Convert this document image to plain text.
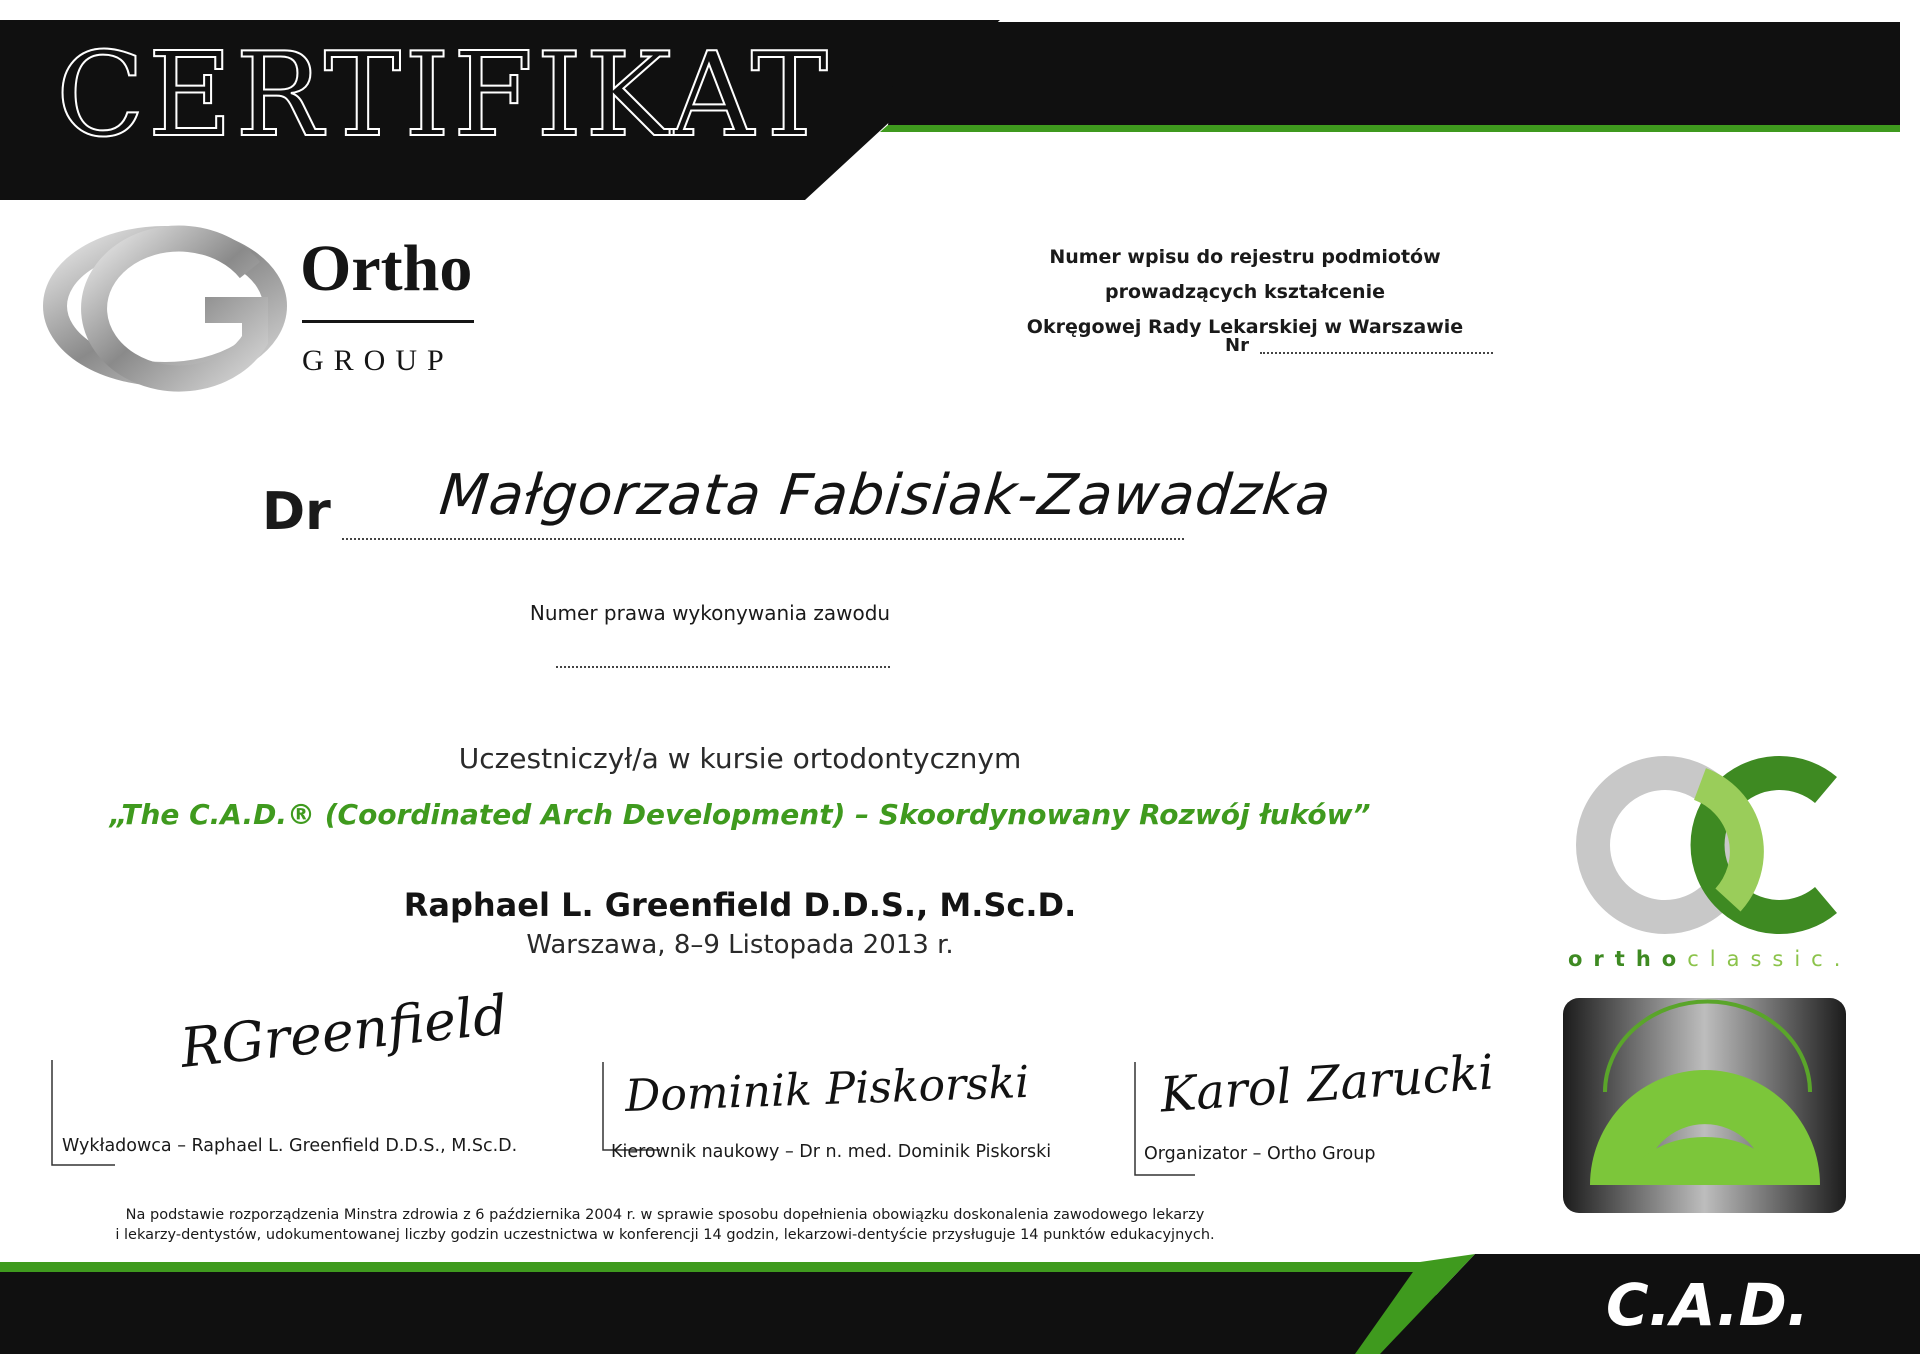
CERTIFIKAT
Ortho
GROUP
Numer wpisu do rejestru podmiotów prowadzących kształcenie
Okręgowej Rady Lekarskiej w Warszawie
Nr
Dr Małgorzata Fabisiak-Zawadzka
Numer prawa wykonywania zawodu
Uczestniczył/a w kursie ortodontycznym
„The C.A.D.® (Coordinated Arch Development) – Skoordynowany Rozwój łuków”
Raphael L. Greenfield D.D.S., M.Sc.D.
Warszawa, 8–9 Listopada 2013 r.
RGreenfield
Wykładowca – Raphael L. Greenfield D.D.S., M.Sc.D.
Dominik Piskorski
Kierownik naukowy – Dr n. med. Dominik Piskorski
Karol Zarucki
Organizator – Ortho Group
Na podstawie rozporządzenia Minstra zdrowia z 6 października 2004 r. w sprawie sposobu dopełnienia obowiązku doskonalenia zawodowego lekarzy
i lekarzy-dentystów, udokumentowanej liczby godzin uczestnictwa w konferencji 14 godzin, lekarzowi-dentyście przysługuje 14 punktów edukacyjnych.
orthoclassic.
C.A.D.
